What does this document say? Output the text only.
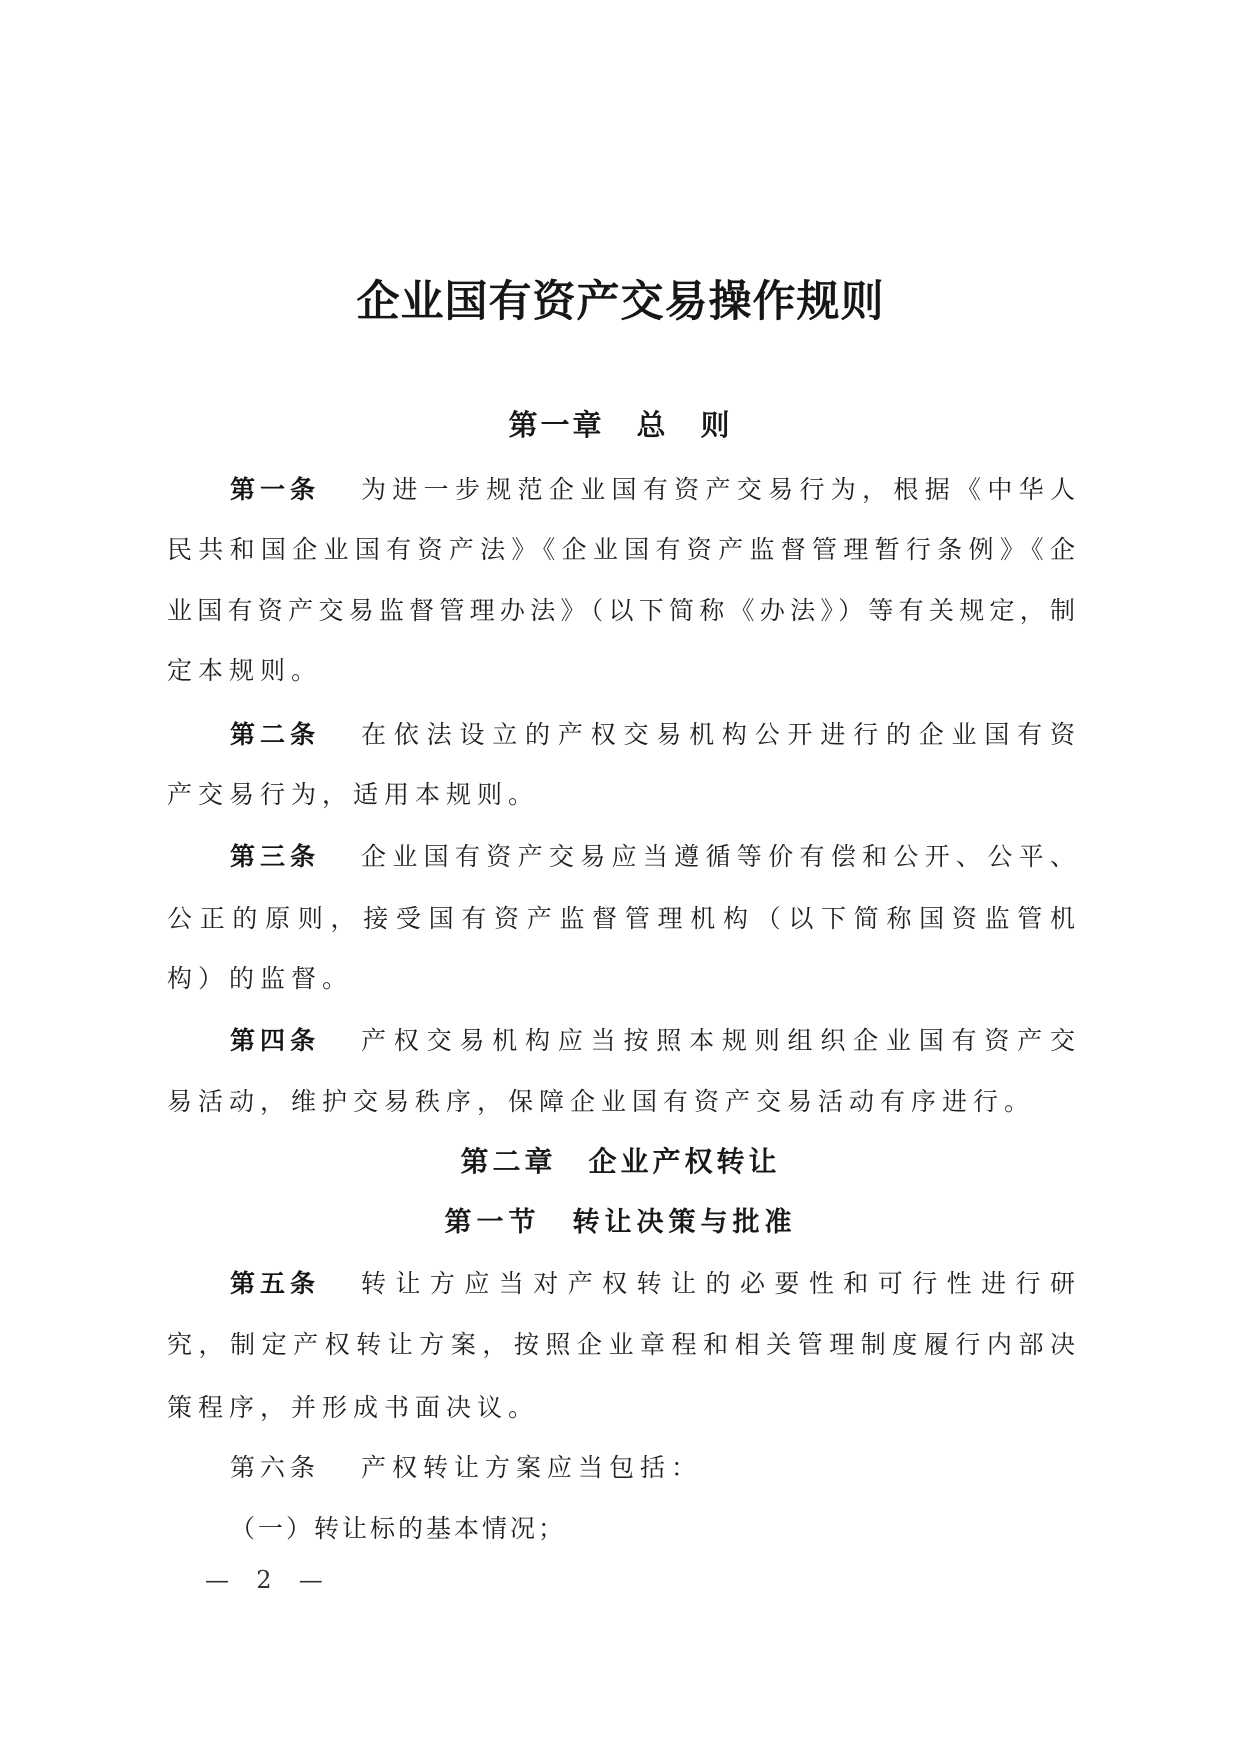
企业国有资产交易操作规则
第一章　总　则
第一条	为进一步规范企业国有资产交易行为，根据《中华人
民共和国企业国有资产法》《企业国有资产监督管理暂行条例》《企
业国有资产交易监督管理办法》（以下简称《办法》）等有关规定，制
定本规则。
第二条	在依法设立的产权交易机构公开进行的企业国有资
产交易行为，适用本规则。
第三条	企业国有资产交易应当遵循等价有偿和公开、公平、
公正的原则，接受国有资产监督管理机构（以下简称国资监管机
构）的监督。
第四条	产权交易机构应当按照本规则组织企业国有资产交
易活动，维护交易秩序，保障企业国有资产交易活动有序进行。
第二章　企业产权转让
第一节　转让决策与批准
第五条	转让方应当对产权转让的必要性和可行性进行研
究，制定产权转让方案，按照企业章程和相关管理制度履行内部决
策程序，并形成书面决议。
第六条	产权转让方案应当包括：
（一）转让标的基本情况；
—  2  —
